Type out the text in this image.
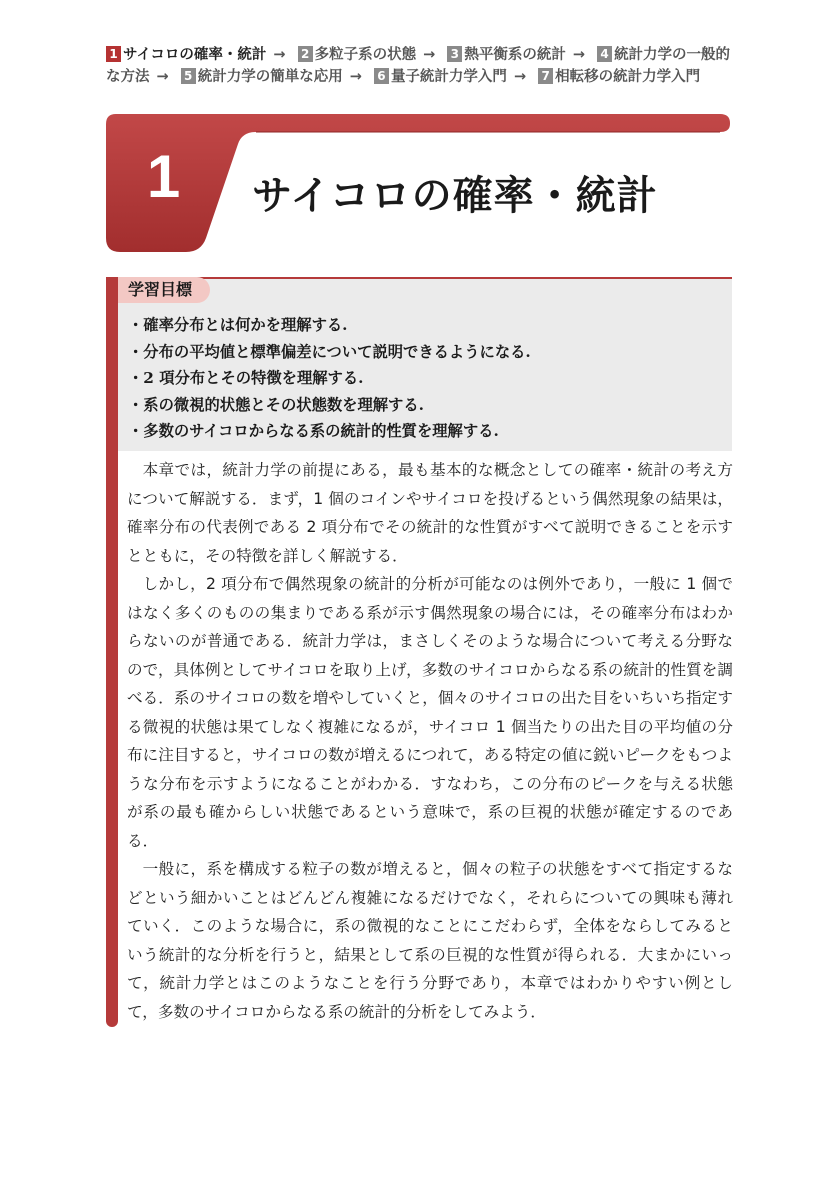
1 サイコロの確率・統計 → 2 多粒子系の状態 → 3 熱平衡系の統計 → 4 統計力学の一般的な方法 → 5 統計力学の簡単な応用 → 6 量子統計力学入門 → 7 相転移の統計力学入門
1	サイコロの確率・統計
学習目標
・確率分布とは何かを理解する.
・分布の平均値と標準偏差について説明できるようになる.
・2 項分布とその特徴を理解する.
・系の微視的状態とその状態数を理解する.
・多数のサイコロからなる系の統計的性質を理解する.

本章では，統計力学の前提にある，最も基本的な概念としての確率・統計の考え方について解説する．まず，1 個のコインやサイコロを投げるという偶然現象の結果は，確率分布の代表例である 2 項分布でその統計的な性質がすべて説明できることを示すとともに，その特徴を詳しく解説する．

しかし，2 項分布で偶然現象の統計的分析が可能なのは例外であり，一般に 1 個ではなく多くのものの集まりである系が示す偶然現象の場合には，その確率分布はわからないのが普通である．統計力学は，まさしくそのような場合について考える分野なので，具体例としてサイコロを取り上げ，多数のサイコロからなる系の統計的性質を調べる．系のサイコロの数を増やしていくと，個々のサイコロの出た目をいちいち指定する微視的状態は果てしなく複雑になるが，サイコロ 1 個当たりの出た目の平均値の分布に注目すると，サイコロの数が増えるにつれて，ある特定の値に鋭いピークをもつような分布を示すようになることがわかる．すなわち，この分布のピークを与える状態が系の最も確からしい状態であるという意味で，系の巨視的状態が確定するのである．

一般に，系を構成する粒子の数が増えると，個々の粒子の状態をすべて指定するなどという細かいことはどんどん複雑になるだけでなく，それらについての興味も薄れていく．このような場合に，系の微視的なことにこだわらず，全体をならしてみるという統計的な分析を行うと，結果として系の巨視的な性質が得られる．大まかにいって，統計力学とはこのようなことを行う分野であり，本章ではわかりやすい例として，多数のサイコロからなる系の統計的分析をしてみよう．
